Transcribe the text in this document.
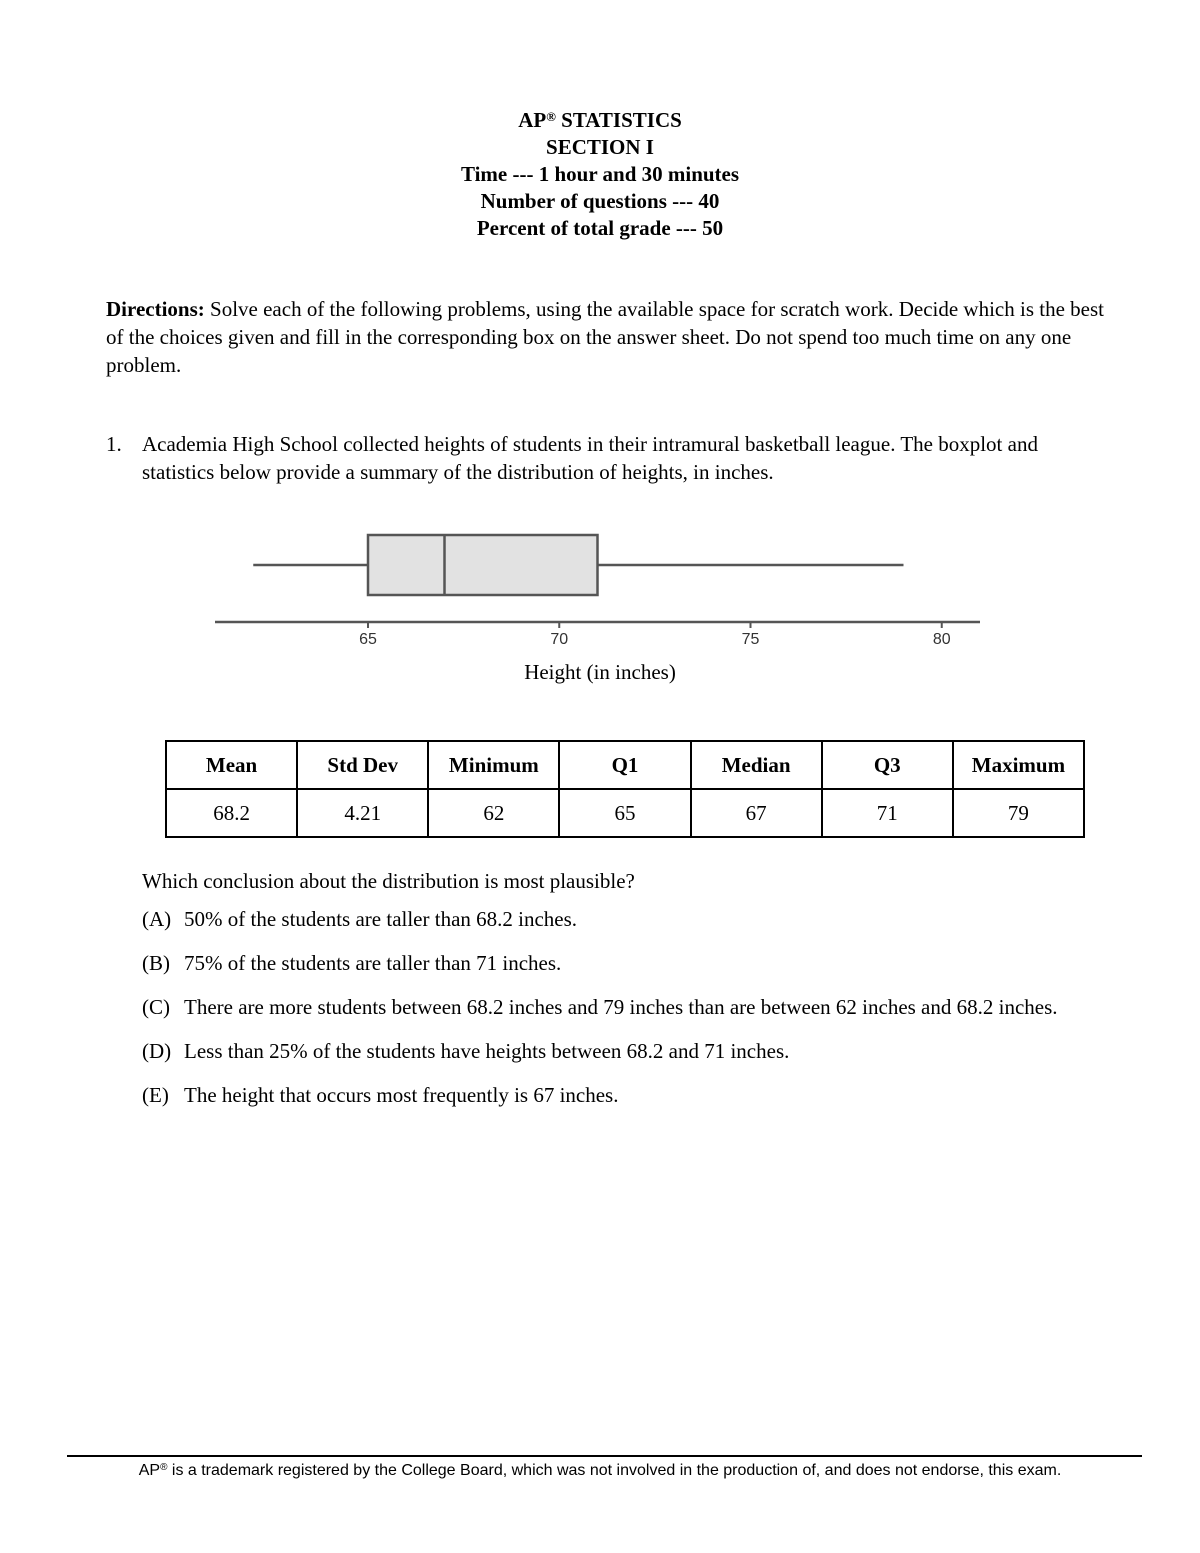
AP® STATISTICS
SECTION I
Time --- 1 hour and 30 minutes
Number of questions --- 40
Percent of total grade --- 50
Directions: Solve each of the following problems, using the available space for scratch work. Decide which is the best of the choices given and fill in the corresponding box on the answer sheet. Do not spend too much time on any one problem.
1. Academia High School collected heights of students in their intramural basketball league. The boxplot and statistics below provide a summary of the distribution of heights, in inches.
65	70	75	80
Height (in inches)
Mean	Std Dev	Minimum	Q1	Median	Q3	Maximum
68.2	4.21	62	65	67	71	79
Which conclusion about the distribution is most plausible?
(A) 50% of the students are taller than 68.2 inches.
(B) 75% of the students are taller than 71 inches.
(C) There are more students between 68.2 inches and 79 inches than are between 62 inches and 68.2 inches.
(D) Less than 25% of the students have heights between 68.2 and 71 inches.
(E) The height that occurs most frequently is 67 inches.
AP® is a trademark registered by the College Board, which was not involved in the production of, and does not endorse, this exam.
